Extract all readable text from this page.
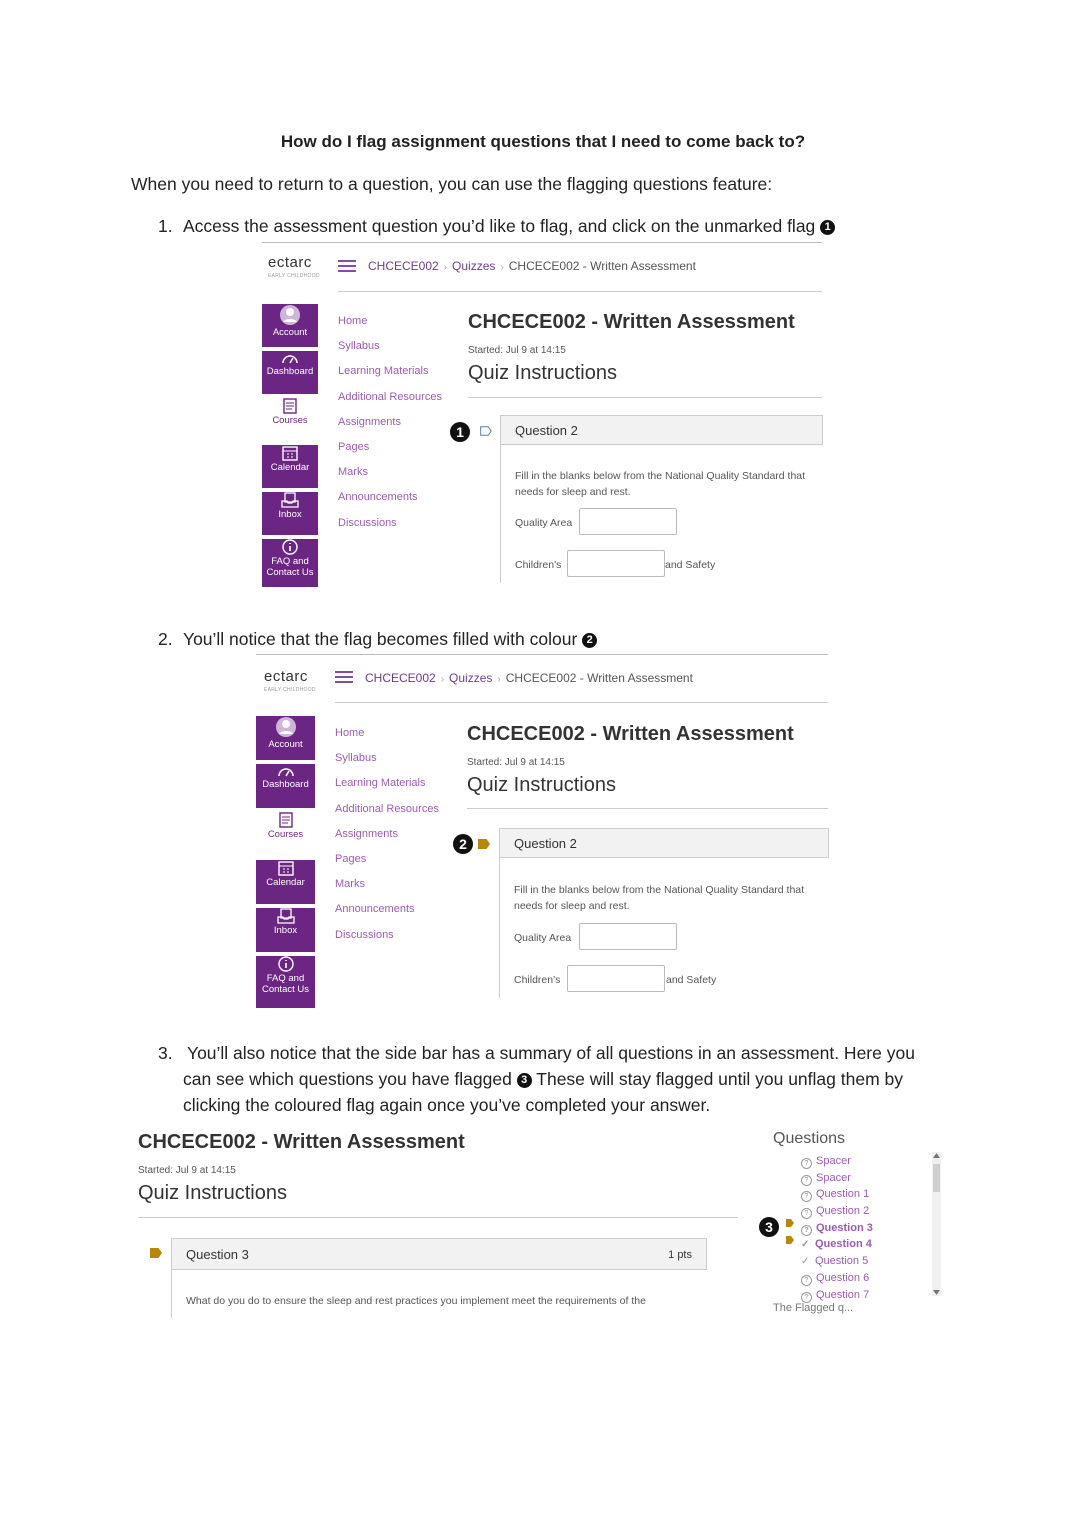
How do I flag assignment questions that I need to come back to?
When you need to return to a question, you can use the flagging questions feature:
1. Access the assessment question you’d like to flag, and click on the unmarked flag 1
2. You’ll notice that the flag becomes filled with colour 2
3. You’ll also notice that the side bar has a summary of all questions in an assessment. Here you
can see which questions you have flagged 3 These will stay flagged until you unflag them by
clicking the coloured flag again once you’ve completed your answer.
ectarc
EARLY CHILDHOOD
CHCECE002 › Quizzes › CHCECE002 - Written Assessment
Account
Dashboard
Courses
Calendar
Inbox
FAQ and
Contact Us
Home
Syllabus
Learning Materials
Additional Resources
Assignments
Pages
Marks
Announcements
Discussions
CHCECE002 - Written Assessment
Started: Jul 9 at 14:15
Quiz Instructions
1	Question 2
Fill in the blanks below from the National Quality Standard that
needs for sleep and rest.
Quality Area
Children's	and Safety
ectarc
EARLY CHILDHOOD
CHCECE002 › Quizzes › CHCECE002 - Written Assessment
Account
Dashboard
Courses
Calendar
Inbox
FAQ and
Contact Us
Home
Syllabus
Learning Materials
Additional Resources
Assignments
Pages
Marks
Announcements
Discussions
CHCECE002 - Written Assessment
Started: Jul 9 at 14:15
Quiz Instructions
2	Question 2
Fill in the blanks below from the National Quality Standard that
needs for sleep and rest.
Quality Area
Children's	and Safety
CHCECE002 - Written Assessment
Started: Jul 9 at 14:15
Quiz Instructions
Question 3	1 pts
What do you do to ensure the sleep and rest practices you implement meet the requirements of the
Questions
3
? Spacer
? Spacer
? Question 1
? Question 2
? Question 3
✓ Question 4
✓ Question 5
? Question 6
? Question 7
The Flagged q...
